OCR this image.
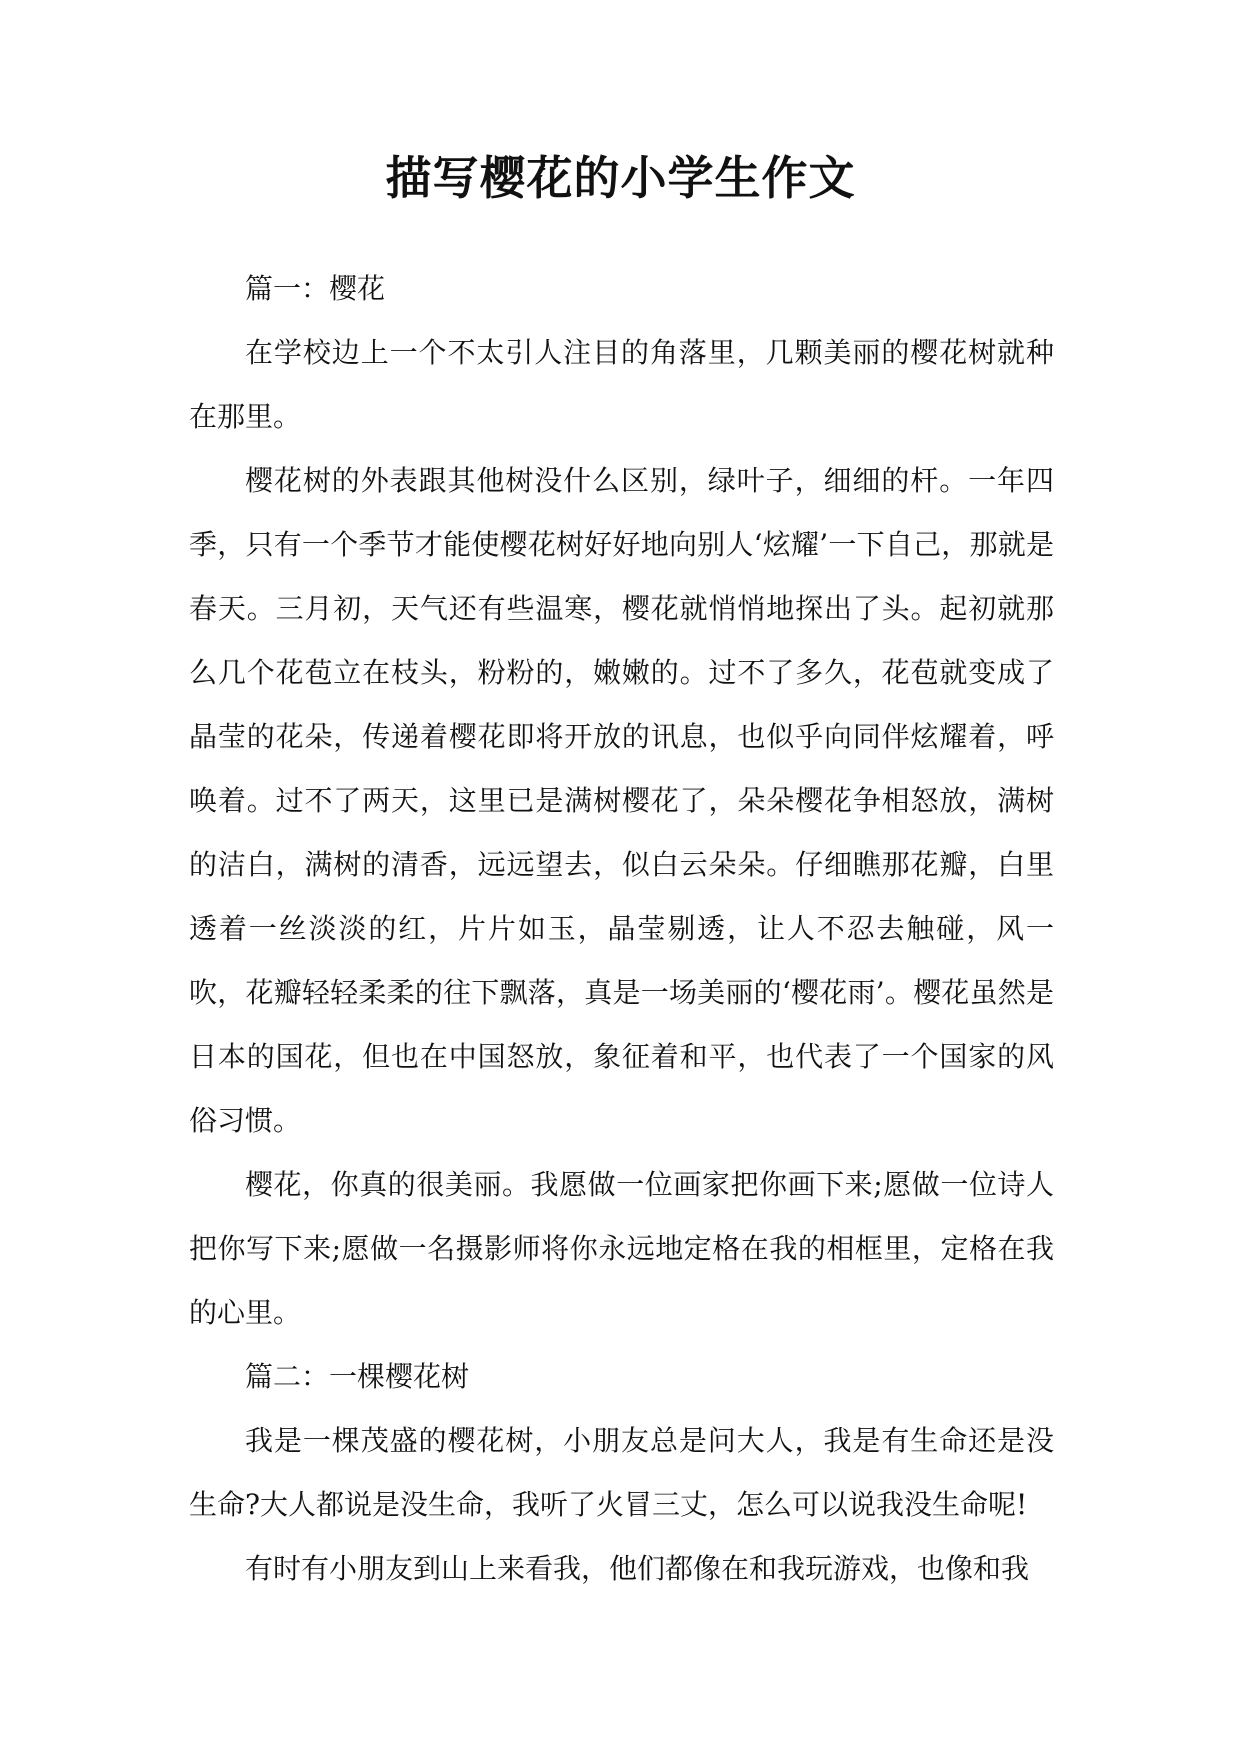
描写樱花的小学生作文

篇一：樱花

在学校边上一个不太引人注目的角落里，几颗美丽的樱花树就种在那里。

樱花树的外表跟其他树没什么区别，绿叶子，细细的杆。一年四季，只有一个季节才能使樱花树好好地向别人‘炫耀’一下自己，那就是春天。三月初，天气还有些温寒，樱花就悄悄地探出了头。起初就那么几个花苞立在枝头，粉粉的，嫩嫩的。过不了多久，花苞就变成了晶莹的花朵，传递着樱花即将开放的讯息，也似乎向同伴炫耀着，呼唤着。过不了两天，这里已是满树樱花了，朵朵樱花争相怒放，满树的洁白，满树的清香，远远望去，似白云朵朵。仔细瞧那花瓣，白里透着一丝淡淡的红，片片如玉，晶莹剔透，让人不忍去触碰，风一吹，花瓣轻轻柔柔的往下飘落，真是一场美丽的‘樱花雨’。樱花虽然是日本的国花，但也在中国怒放，象征着和平，也代表了一个国家的风俗习惯。

樱花，你真的很美丽。我愿做一位画家把你画下来;愿做一位诗人把你写下来;愿做一名摄影师将你永远地定格在我的相框里，定格在我的心里。

篇二：一棵樱花树

我是一棵茂盛的樱花树，小朋友总是问大人，我是有生命还是没生命?大人都说是没生命，我听了火冒三丈，怎么可以说我没生命呢!

有时有小朋友到山上来看我，他们都像在和我玩游戏，也像和我
